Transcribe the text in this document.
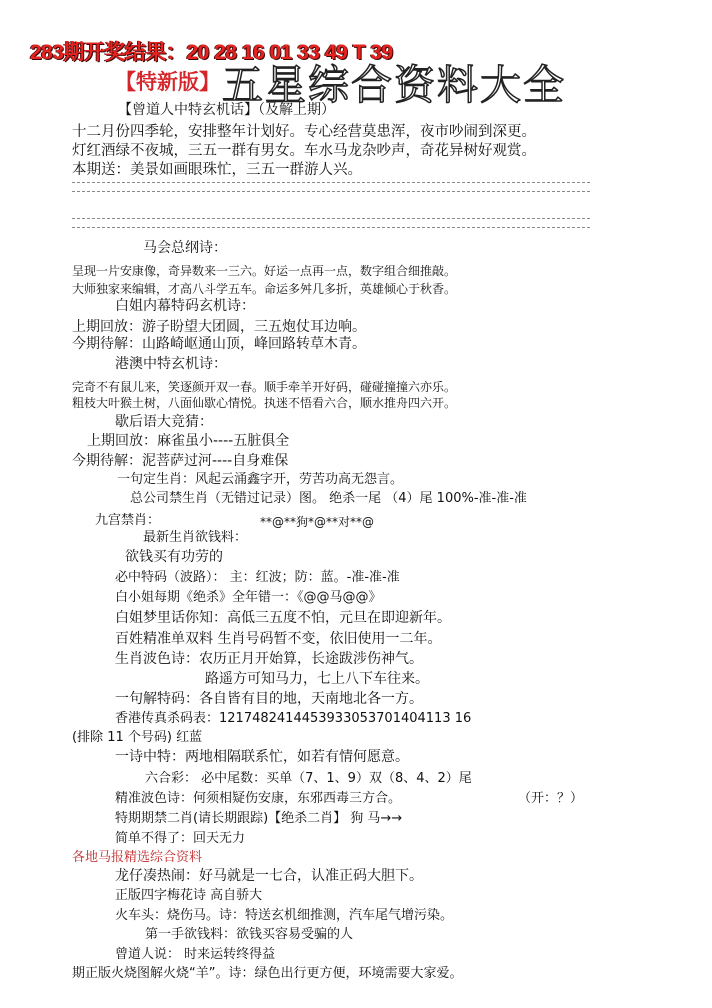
283期开奖结果：20 28 16 01 33 49 T 39
【特新版】 五星综合资料大全
【曾道人中特玄机话】（及解上期）
十二月份四季轮，安排整年计划好。专心经营莫患浑，夜市吵闹到深更。
灯红酒绿不夜城，三五一群有男女。车水马龙杂吵声，奇花异树好观赏。
本期送：美景如画眼珠忙，三五一群游人兴。
马会总纲诗：
呈现一片安康像，奇异数来一三六。好运一点再一点，数字组合细推敲。
大师独家来编辑，才高八斗学五车。命运多舛几多折，英雄倾心于秋香。
白姐内幕特码玄机诗：
上期回放：游子盼望大团圆，三五炮仗耳边响。
今期待解：山路崎岖通山顶，峰回路转草木青。
港澳中特玄机诗：
完奇不有鼠儿来，笑逐颜开双一春。顺手牵羊开好码，碰碰撞撞六亦乐。
粗枝大叶猴土树，八面仙歇心情悦。执迷不悟看六合，顺水推舟四六开。
歇后语大竞猜：
上期回放：麻雀虽小----五脏俱全
今期待解：泥菩萨过河----自身难保
一句定生肖：风起云涌鑫字开，劳苦功高无怨言。
总公司禁生肖（无错过记录）图。 绝杀一尾 （4）尾 100%-准-准-准
九宫禁肖：	**@**狗*@**对**@
最新生肖欲钱料：
欲钱买有功劳的
必中特码（波路）： 主：红波；防：蓝。-准-准-准
白小姐每期《绝杀》全年错一：《@@马@@》
白姐梦里话你知：高低三五度不怕，元旦在即迎新年。
百姓精准单双料 生肖号码暂不变，依旧使用一二年。
生肖波色诗：农历正月开始算，长途跋涉伤神气。
路遥方可知马力，七上八下车往来。
一句解特码：各自皆有目的地，天南地北各一方。
香港传真杀码表：1217482414453933053701404113 16
(排除 11 个号码) 红蓝
一诗中特：两地相隔联系忙，如若有情何愿意。
六合彩： 必中尾数：买单（7、1、9）双（8、4、2）尾
精准波色诗：何须相疑伤安康，东邪西毒三方合。	（开：？）
特期期禁二肖(请长期跟踪)【绝杀二肖】 狗 马→→
简单不得了：回天无力
各地马报精选综合资料
龙仔凑热闹：好马就是一七合，认准正码大胆下。
正版四字梅花诗 高自骄大
火车头：烧伤马。诗：特送玄机细推测，汽车尾气增污染。
第一手欲钱料：欲钱买容易受骗的人
曾道人说： 时来运转终得益
期正版火烧图解火烧“羊”。诗：绿色出行更方便，环境需要大家爱。
